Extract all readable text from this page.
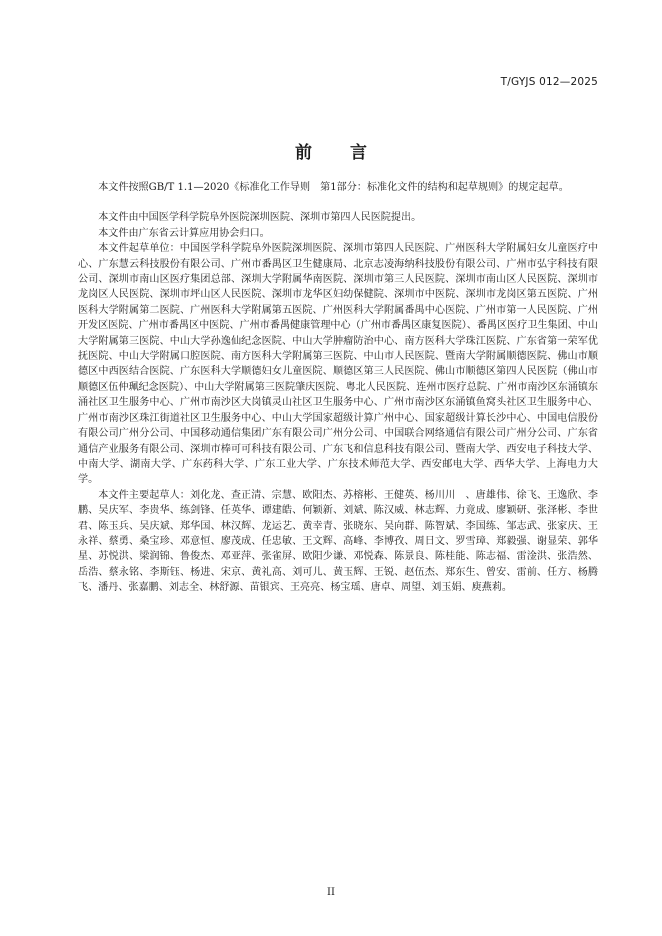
T/GYJS 012—2025
前 言

本文件按照GB/T 1.1—2020《标准化工作导则　第1部分：标准化文件的结构和起草规则》的规定起草。

本文件由中国医学科学院阜外医院深圳医院、深圳市第四人民医院提出。

本文件由广东省云计算应用协会归口。

本文件起草单位：中国医学科学院阜外医院深圳医院、深圳市第四人民医院、广州医科大学附属妇女儿童医疗中心、广东慧云科技股份有限公司、广州市番禺区卫生健康局、北京志凌海纳科技股份有限公司、广州市弘宇科技有限公司、深圳市南山区医疗集团总部、深圳大学附属华南医院、深圳市第三人民医院、深圳市南山区人民医院、深圳市龙岗区人民医院、深圳市坪山区人民医院、深圳市龙华区妇幼保健院、深圳市中医院、深圳市龙岗区第五医院、广州医科大学附属第二医院、广州医科大学附属第五医院、广州医科大学附属番禺中心医院、广州市第一人民医院、广州开发区医院、广州市番禺区中医院、广州市番禺健康管理中心（广州市番禺区康复医院）、番禺区医疗卫生集团、中山大学附属第三医院、中山大学孙逸仙纪念医院、中山大学肿瘤防治中心、南方医科大学珠江医院、广东省第一荣军优抚医院、中山大学附属口腔医院、南方医科大学附属第三医院、中山市人民医院、暨南大学附属顺德医院、佛山市顺德区中西医结合医院、广东医科大学顺德妇女儿童医院、顺德区第三人民医院、佛山市顺德区第四人民医院（佛山市顺德区伍仲珮纪念医院）、中山大学附属第三医院肇庆医院、粤北人民医院、连州市医疗总院、广州市南沙区东涌镇东涌社区卫生服务中心、广州市南沙区大岗镇灵山社区卫生服务中心、广州市南沙区东涌镇鱼窝头社区卫生服务中心、广州市南沙区珠江街道社区卫生服务中心、中山大学国家超级计算广州中心、国家超级计算长沙中心、中国电信股份有限公司广州分公司、中国移动通信集团广东有限公司广州分公司、中国联合网络通信有限公司广州分公司、广东省通信产业服务有限公司、深圳市棒可可科技有限公司、广东飞和信息科技有限公司、暨南大学、西安电子科技大学、中南大学、湖南大学、广东药科大学、广东工业大学、广东技术师范大学、西安邮电大学、西华大学、上海电力大学。

本文件主要起草人：刘化龙、查正清、宗慧、欧阳杰、苏榕彬、王健英、杨川川　、唐雄伟、徐飞、王逸欣、李鹏、吴庆军、李贵华、练剑锋、任英华、谭建皓、何颖新、刘斌、陈汉威、林志辉、力竟成、廖颖研、张泽彬、李世君、陈玉兵、吴庆斌、郑华国、林汉辉、龙运艺、黄幸青、张晓东、吴向群、陈智斌、李国练、邹志武、张家庆、王永祥、蔡勇、桑宝珍、邓意恒、廖茂成、任忠敏、王文辉、高峰、李博孜、周日文、罗雪璋、郑毅强、谢显荣、郭华星、苏悦洪、梁润锦、鲁俊杰、邓亚萍、张雀屏、欧阳少谦、邓悦森、陈景良、陈桂能、陈志福、雷淦洪、张浩然、岳浩、蔡永铭、李斯钰、杨进、宋京、黄礼高、刘可儿、黄玉辉、王锐、赵伍杰、郑东生、曾安、雷前、任方、杨腾飞、潘丹、张嘉鹏、刘志全、林舒源、苗银宾、王亮亮、杨宝瑶、唐卓、周望、刘玉娟、庾燕莉。

II
